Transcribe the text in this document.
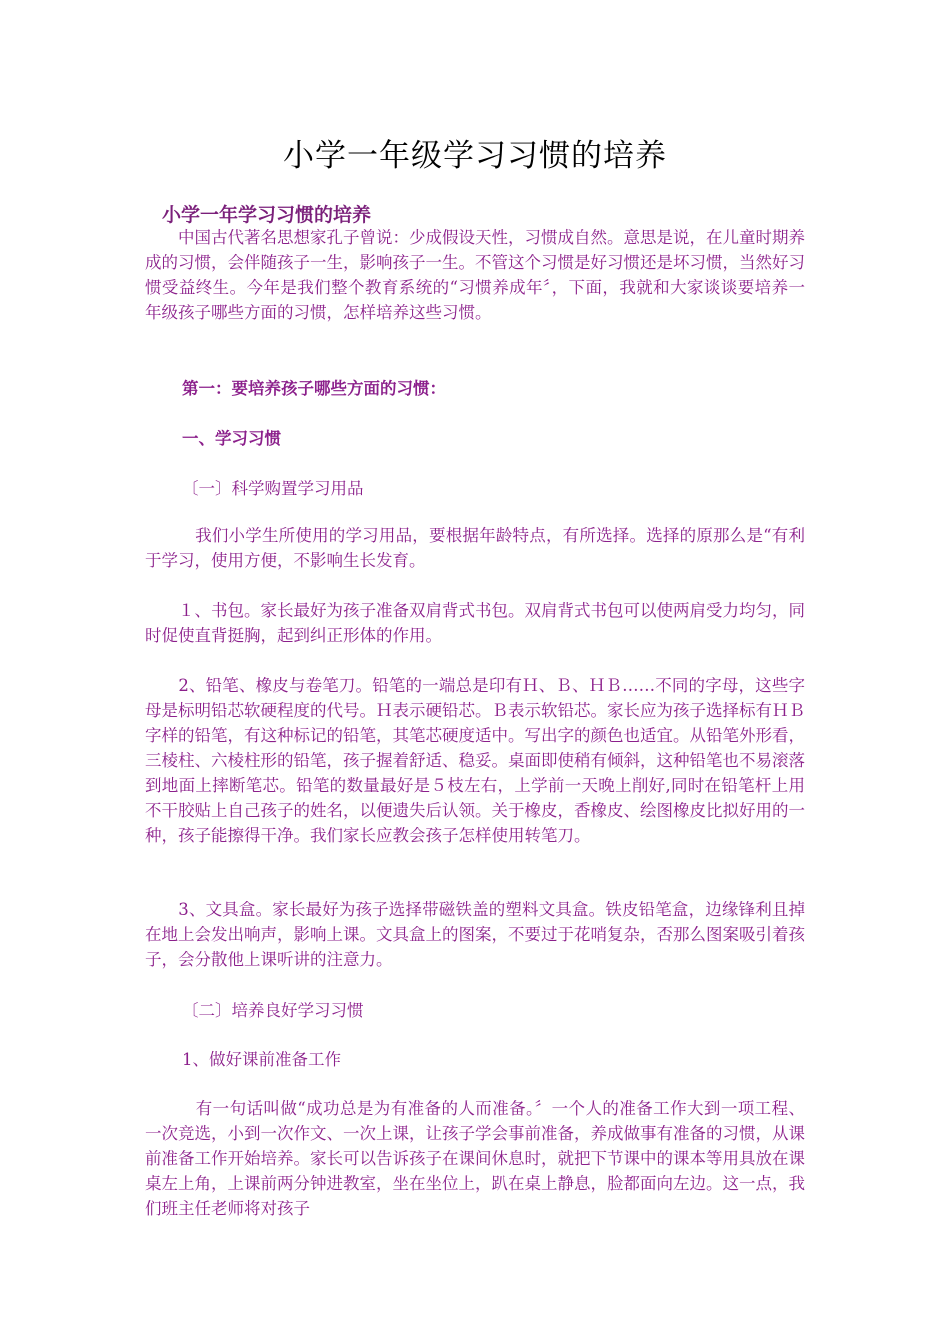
小学一年级学习习惯的培养
小学一年学习习惯的培养

　　中国古代著名思想家孔子曾说：少成假设天性，习惯成自然。意思是说，在儿童时期养成的习惯，会伴随孩子一生，影响孩子一生。不管这个习惯是好习惯还是坏习惯，当然好习惯受益终生。今年是我们整个教育系统的“习惯养成年〞，下面，我就和大家谈谈要培养一年级孩子哪些方面的习惯，怎样培养这些习惯。

第一：要培养孩子哪些方面的习惯：
一、学习习惯
〔一〕科学购置学习用品

　　　我们小学生所使用的学习用品，要根据年龄特点，有所选择。选择的原那么是“有利于学习，使用方便，不影响生长发育。

　　１、书包。家长最好为孩子准备双肩背式书包。双肩背式书包可以使两肩受力均匀，同时促使直背挺胸，起到纠正形体的作用。

　　2、铅笔、橡皮与卷笔刀。铅笔的一端总是印有Ｈ、Ｂ、ＨＢ……不同的字母，这些字母是标明铅芯软硬程度的代号。Ｈ表示硬铅芯。Ｂ表示软铅芯。家长应为孩子选择标有ＨＢ字样的铅笔，有这种标记的铅笔，其笔芯硬度适中。写出字的颜色也适宜。从铅笔外形看，三棱柱、六棱柱形的铅笔，孩子握着舒适、稳妥。桌面即使稍有倾斜，这种铅笔也不易滚落到地面上摔断笔芯。铅笔的数量最好是５枝左右，上学前一天晚上削好,同时在铅笔杆上用不干胶贴上自己孩子的姓名，以便遗失后认领。关于橡皮，香橡皮、绘图橡皮比拟好用的一种，孩子能擦得干净。我们家长应教会孩子怎样使用转笔刀。

　　3、文具盒。家长最好为孩子选择带磁铁盖的塑料文具盒。铁皮铅笔盒，边缘锋利且掉在地上会发出响声，影响上课。文具盒上的图案，不要过于花哨复杂，否那么图案吸引着孩子，会分散他上课听讲的注意力。

〔二〕培养良好学习习惯
1、做好课前准备工作

　　　有一句话叫做“成功总是为有准备的人而准备。〞一个人的准备工作大到一项工程、一次竞选，小到一次作文、一次上课，让孩子学会事前准备，养成做事有准备的习惯，从课前准备工作开始培养。家长可以告诉孩子在课间休息时，就把下节课中的课本等用具放在课桌左上角，上课前两分钟进教室，坐在坐位上，趴在桌上静息，脸都面向左边。这一点，我们班主任老师将对孩子
